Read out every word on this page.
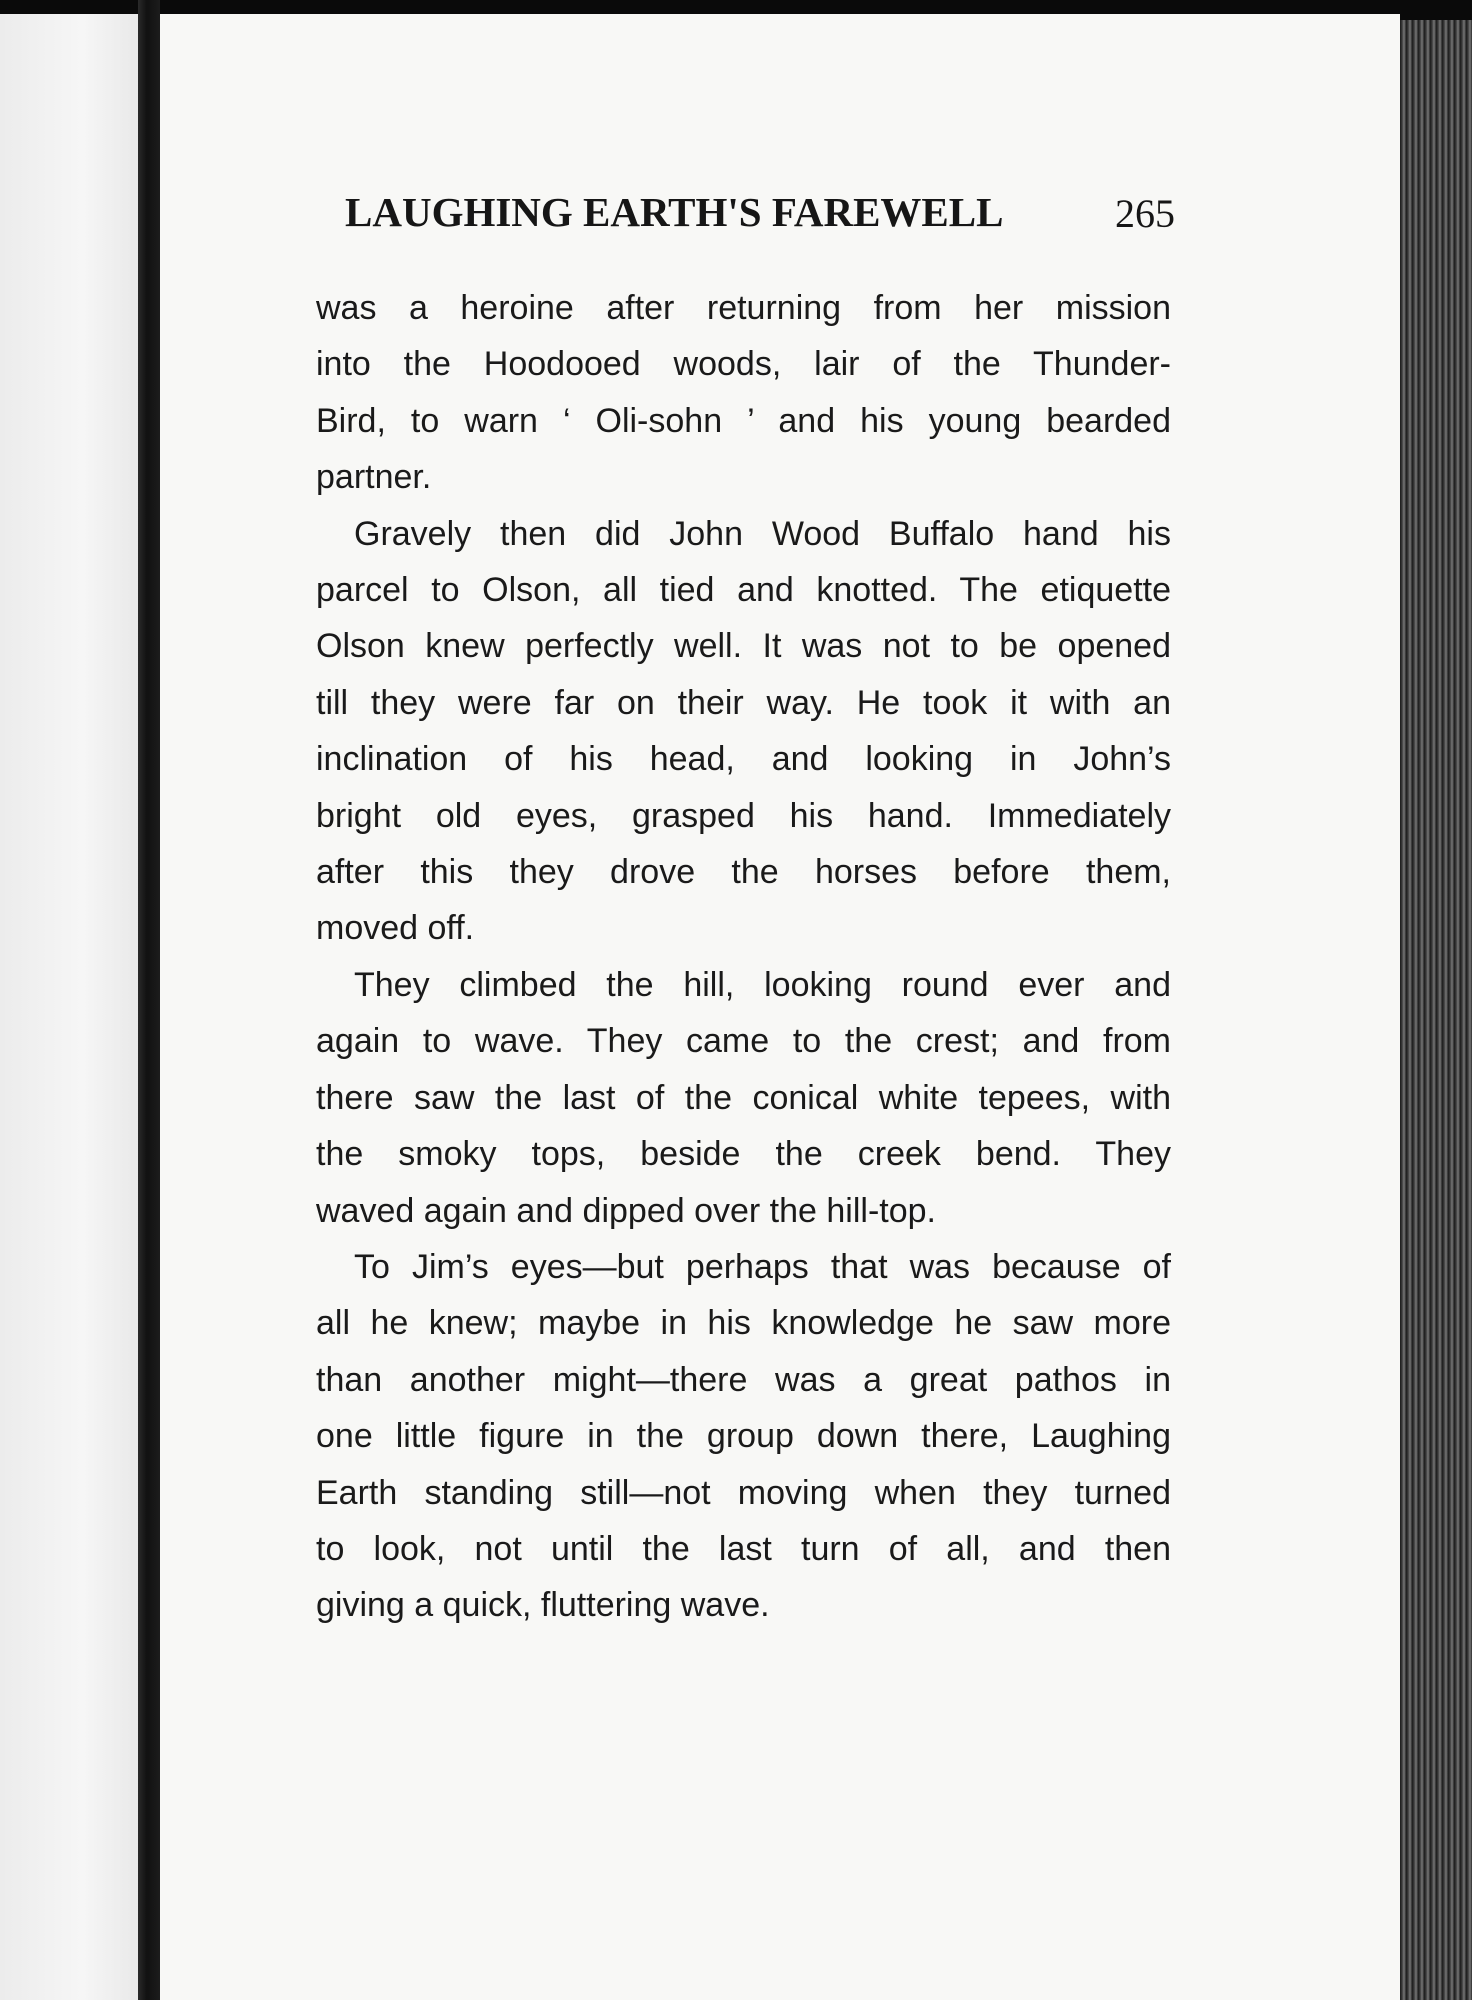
LAUGHING EARTH'S FAREWELL	265
was a heroine after returning from her mission
into the Hoodooed woods, lair of the Thunder-
Bird, to warn ‘ Oli-sohn ’ and his young bearded
partner.
Gravely then did John Wood Buffalo hand his
parcel to Olson, all tied and knotted. The etiquette
Olson knew perfectly well. It was not to be opened
till they were far on their way. He took it with an
inclination of his head, and looking in John’s
bright old eyes, grasped his hand. Immediately
after this they drove the horses before them,
moved off.
They climbed the hill, looking round ever and
again to wave. They came to the crest; and from
there saw the last of the conical white tepees, with
the smoky tops, beside the creek bend. They
waved again and dipped over the hill-top.
To Jim’s eyes—but perhaps that was because of
all he knew; maybe in his knowledge he saw more
than another might—there was a great pathos in
one little figure in the group down there, Laughing
Earth standing still—not moving when they turned
to look, not until the last turn of all, and then
giving a quick, fluttering wave.
